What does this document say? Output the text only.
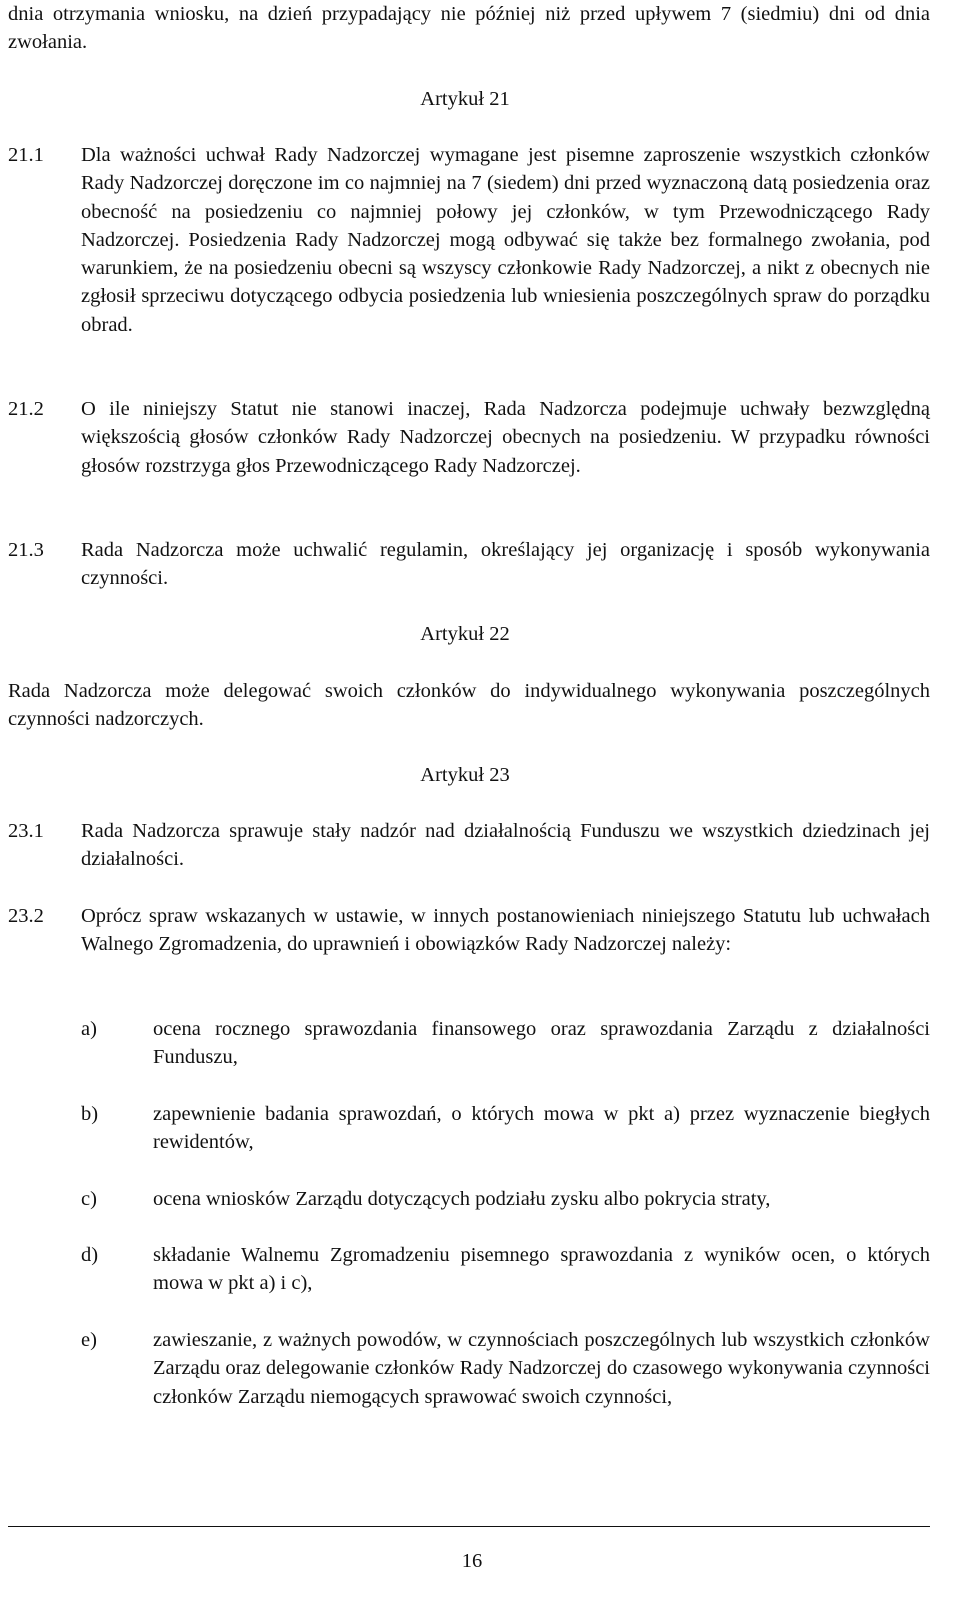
dnia otrzymania wniosku, na dzień przypadający nie później niż przed upływem 7 (siedmiu) dni od dnia zwołania.
Artykuł 21
21.1 Dla ważności uchwał Rady Nadzorczej wymagane jest pisemne zaproszenie wszystkich członków Rady Nadzorczej doręczone im co najmniej na 7 (siedem) dni przed wyznaczoną datą posiedzenia oraz obecność na posiedzeniu co najmniej połowy jej członków, w tym Przewodniczącego Rady Nadzorczej. Posiedzenia Rady Nadzorczej mogą odbywać się także bez formalnego zwołania, pod warunkiem, że na posiedzeniu obecni są wszyscy członkowie Rady Nadzorczej, a nikt z obecnych nie zgłosił sprzeciwu dotyczącego odbycia posiedzenia lub wniesienia poszczególnych spraw do porządku obrad.
21.2 O ile niniejszy Statut nie stanowi inaczej, Rada Nadzorcza podejmuje uchwały bezwzględną większością głosów członków Rady Nadzorczej obecnych na posiedzeniu. W przypadku równości głosów rozstrzyga głos Przewodniczącego Rady Nadzorczej.
21.3 Rada Nadzorcza może uchwalić regulamin, określający jej organizację i sposób wykonywania czynności.
Artykuł 22
Rada Nadzorcza może delegować swoich członków do indywidualnego wykonywania poszczególnych czynności nadzorczych.
Artykuł 23
23.1 Rada Nadzorcza sprawuje stały nadzór nad działalnością Funduszu we wszystkich dziedzinach jej działalności.
23.2 Oprócz spraw wskazanych w ustawie, w innych postanowieniach niniejszego Statutu lub uchwałach Walnego Zgromadzenia, do uprawnień i obowiązków Rady Nadzorczej należy:
a)	ocena rocznego sprawozdania finansowego oraz sprawozdania Zarządu z działalności Funduszu,
b)	zapewnienie badania sprawozdań, o których mowa w pkt a) przez wyznaczenie biegłych rewidentów,
c)	ocena wniosków Zarządu dotyczących podziału zysku albo pokrycia straty,
d)	składanie Walnemu Zgromadzeniu pisemnego sprawozdania z wyników ocen, o których mowa w pkt a) i c),
e)	zawieszanie, z ważnych powodów, w czynnościach poszczególnych lub wszystkich członków Zarządu oraz delegowanie członków Rady Nadzorczej do czasowego wykonywania czynności członków Zarządu niemogących sprawować swoich czynności,
16
